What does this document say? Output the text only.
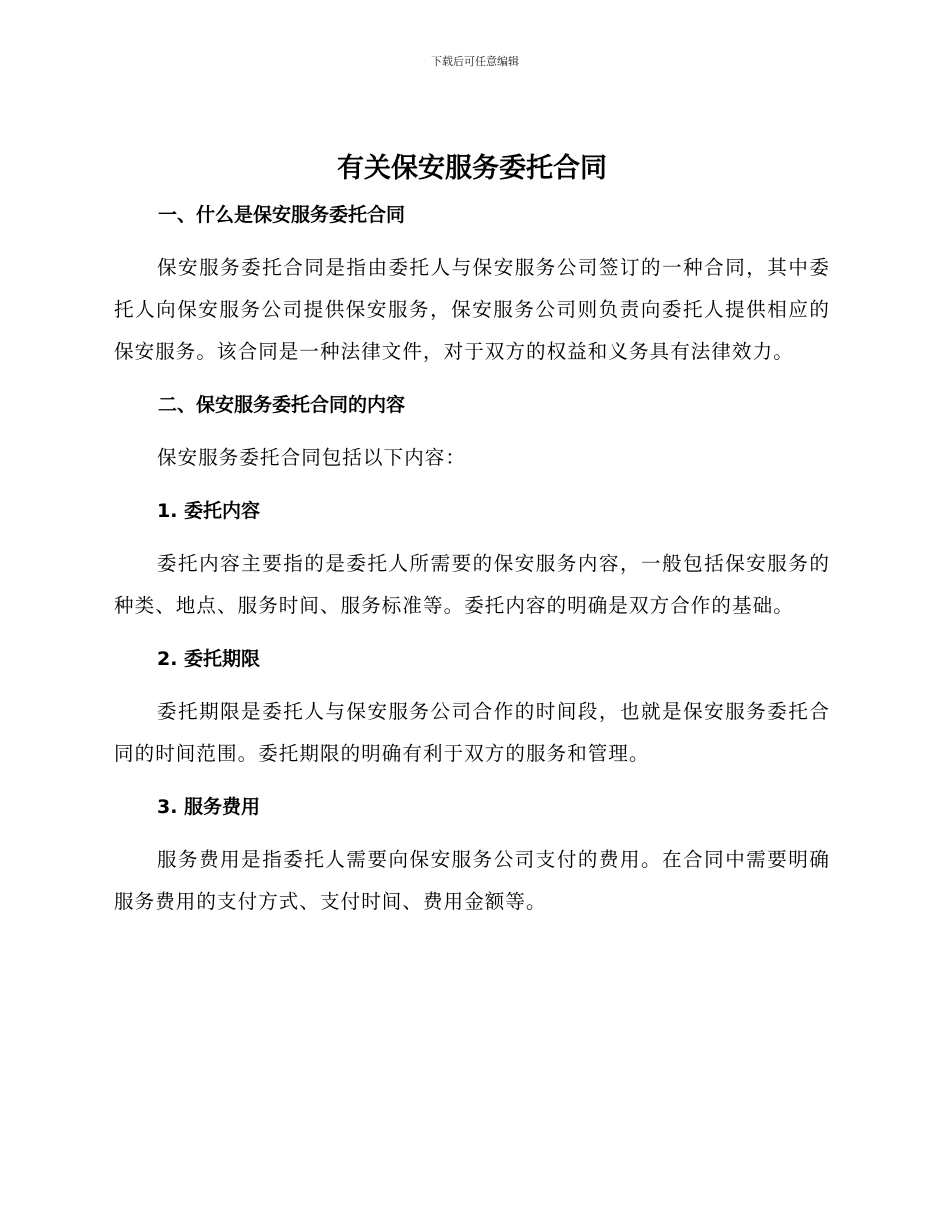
下载后可任意编辑
有关保安服务委托合同
一、什么是保安服务委托合同

保安服务委托合同是指由委托人与保安服务公司签订的一种合同，其中委托人向保安服务公司提供保安服务，保安服务公司则负责向委托人提供相应的保安服务。该合同是一种法律文件，对于双方的权益和义务具有法律效力。

二、保安服务委托合同的内容

保安服务委托合同包括以下内容：

1. 委托内容

委托内容主要指的是委托人所需要的保安服务内容，一般包括保安服务的种类、地点、服务时间、服务标准等。委托内容的明确是双方合作的基础。

2. 委托期限

委托期限是委托人与保安服务公司合作的时间段，也就是保安服务委托合同的时间范围。委托期限的明确有利于双方的服务和管理。

3. 服务费用

服务费用是指委托人需要向保安服务公司支付的费用。在合同中需要明确服务费用的支付方式、支付时间、费用金额等。
